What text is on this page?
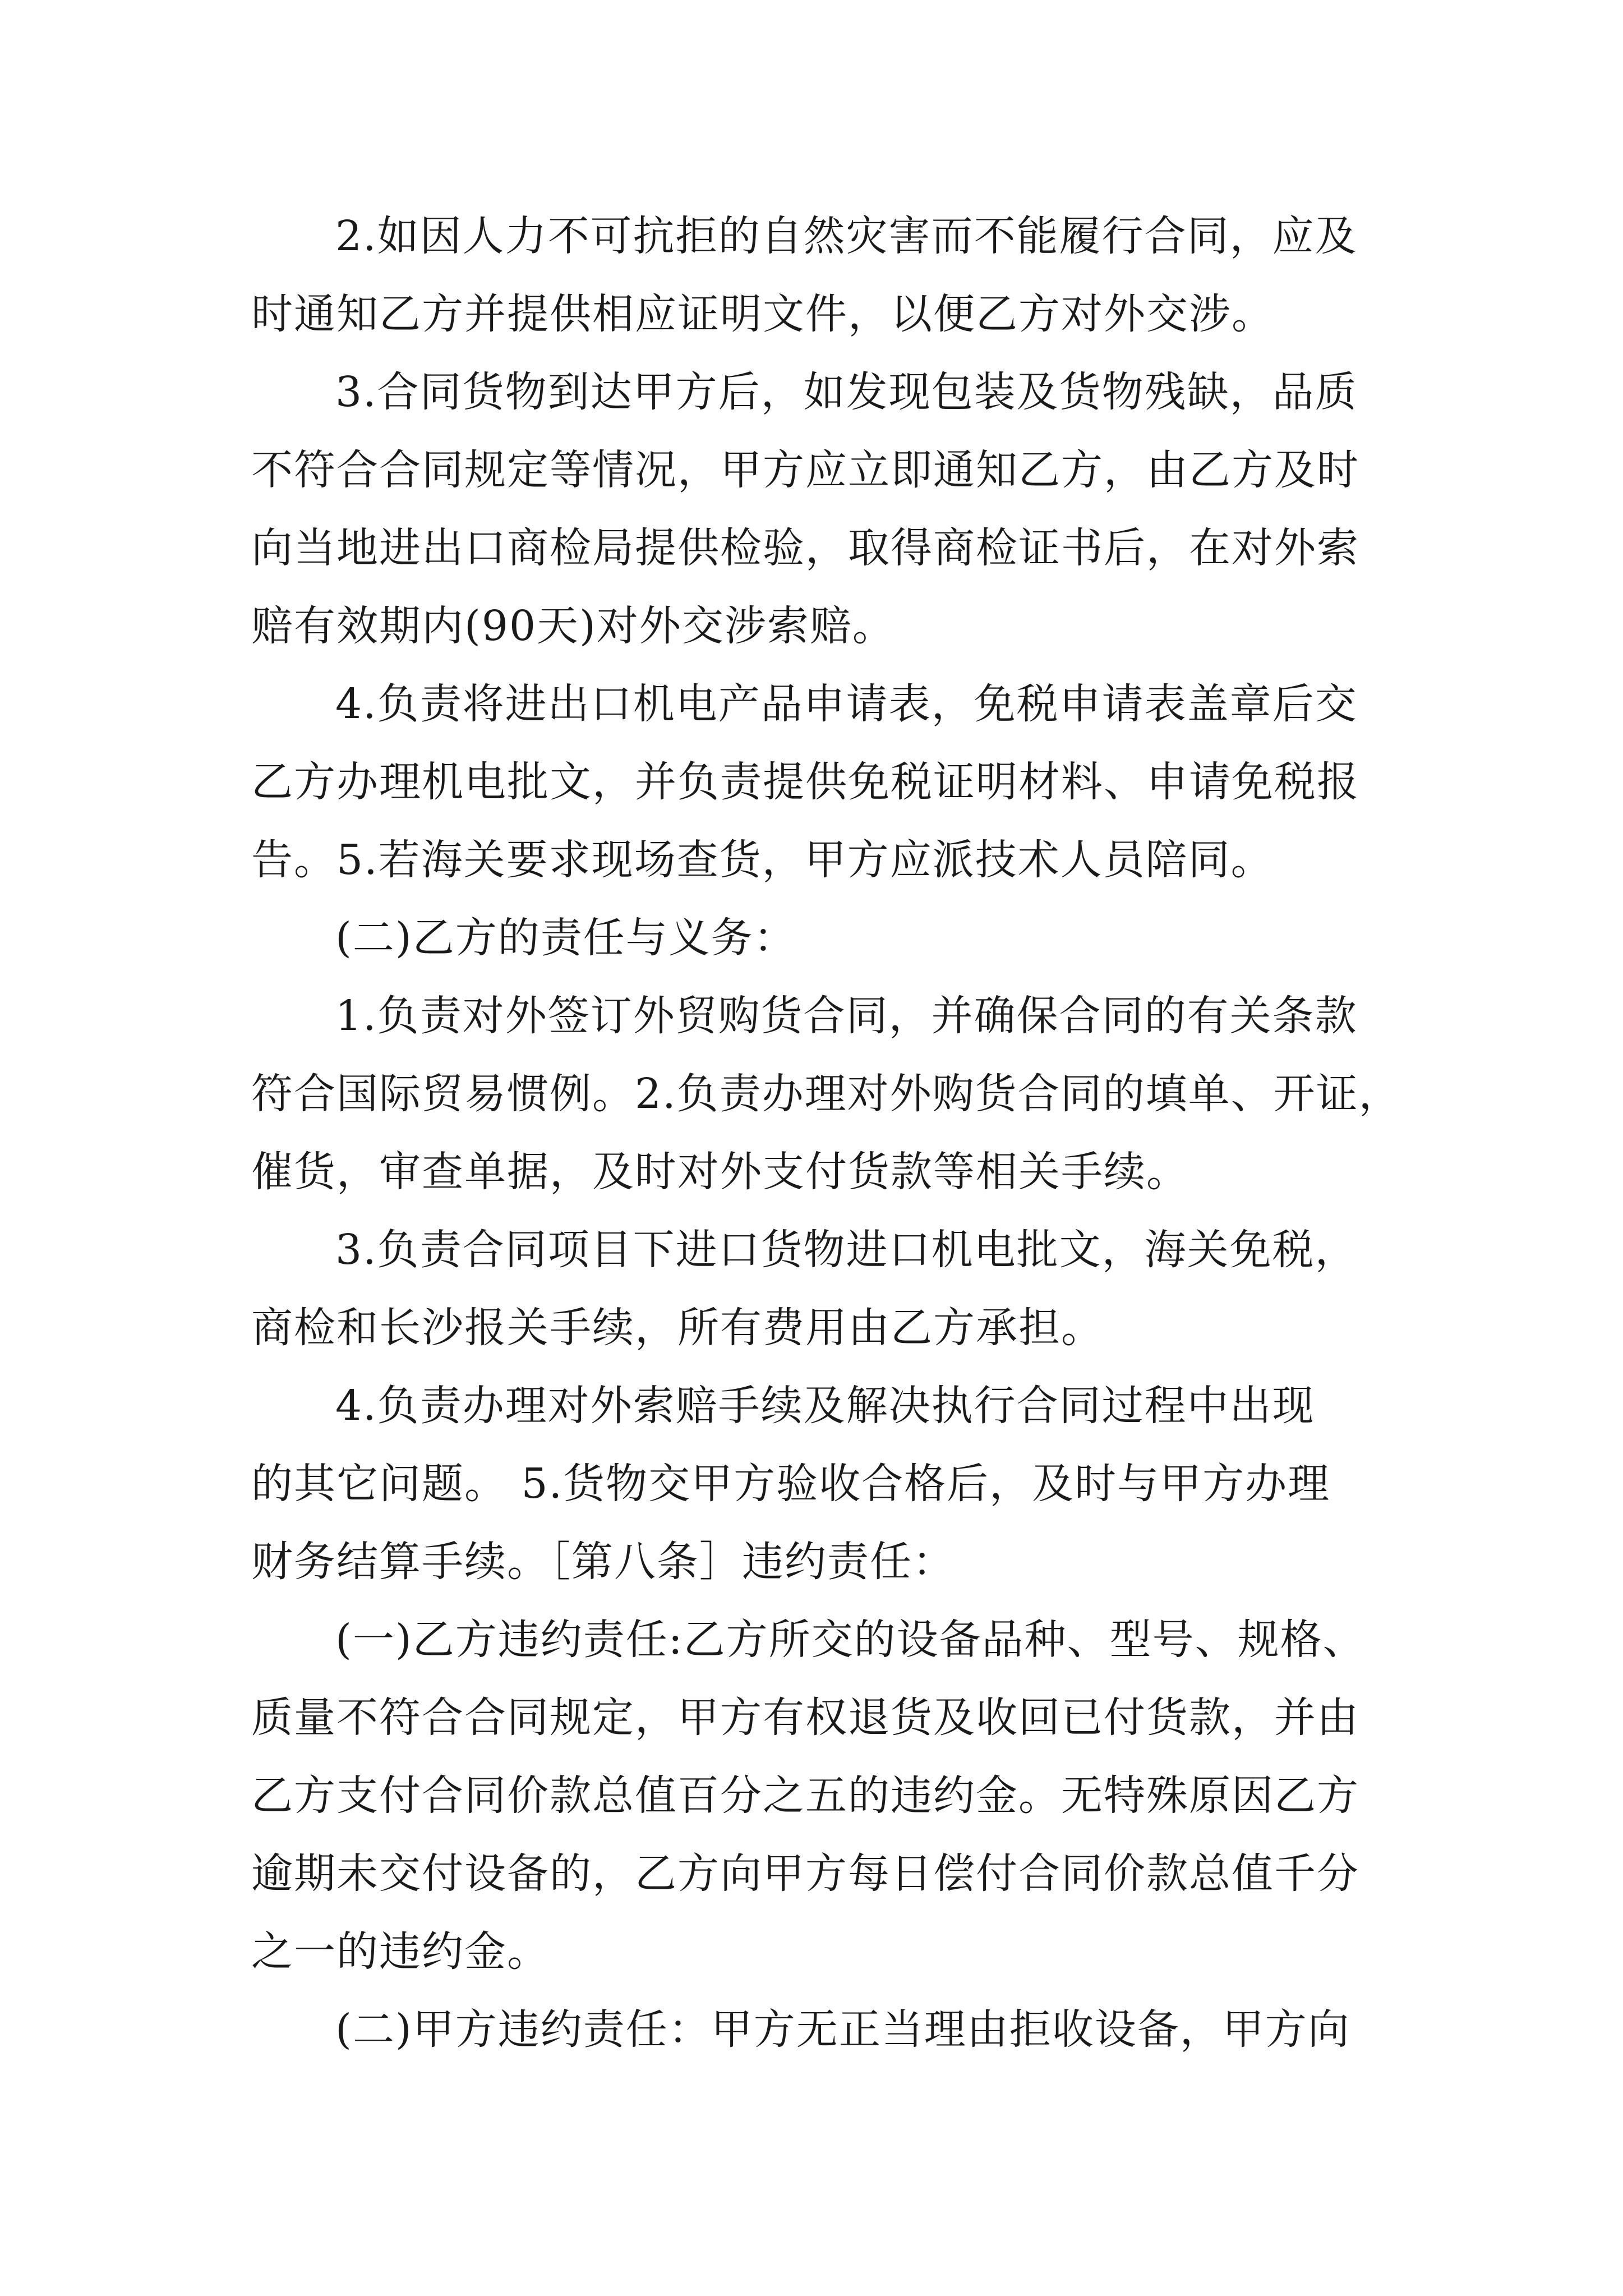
2.如因人力不可抗拒的自然灾害而不能履行合同，应及
时通知乙方并提供相应证明文件，以便乙方对外交涉。
3.合同货物到达甲方后，如发现包装及货物残缺，品质
不符合合同规定等情况，甲方应立即通知乙方，由乙方及时
向当地进出口商检局提供检验，取得商检证书后，在对外索
赔有效期内(90天)对外交涉索赔。
4.负责将进出口机电产品申请表，免税申请表盖章后交
乙方办理机电批文，并负责提供免税证明材料、申请免税报
告。5.若海关要求现场查货，甲方应派技术人员陪同。
(二)乙方的责任与义务：
1.负责对外签订外贸购货合同，并确保合同的有关条款
符合国际贸易惯例。2.负责办理对外购货合同的填单、开证，
催货，审查单据，及时对外支付货款等相关手续。
3.负责合同项目下进口货物进口机电批文，海关免税，
商检和长沙报关手续，所有费用由乙方承担。
4.负责办理对外索赔手续及解决执行合同过程中出现
的其它问题。 5.货物交甲方验收合格后，及时与甲方办理
财务结算手续。［第八条］违约责任：
(一)乙方违约责任:乙方所交的设备品种、型号、规格、
质量不符合合同规定，甲方有权退货及收回已付货款，并由
乙方支付合同价款总值百分之五的违约金。无特殊原因乙方
逾期未交付设备的，乙方向甲方每日偿付合同价款总值千分
之一的违约金。
(二)甲方违约责任：甲方无正当理由拒收设备，甲方向
